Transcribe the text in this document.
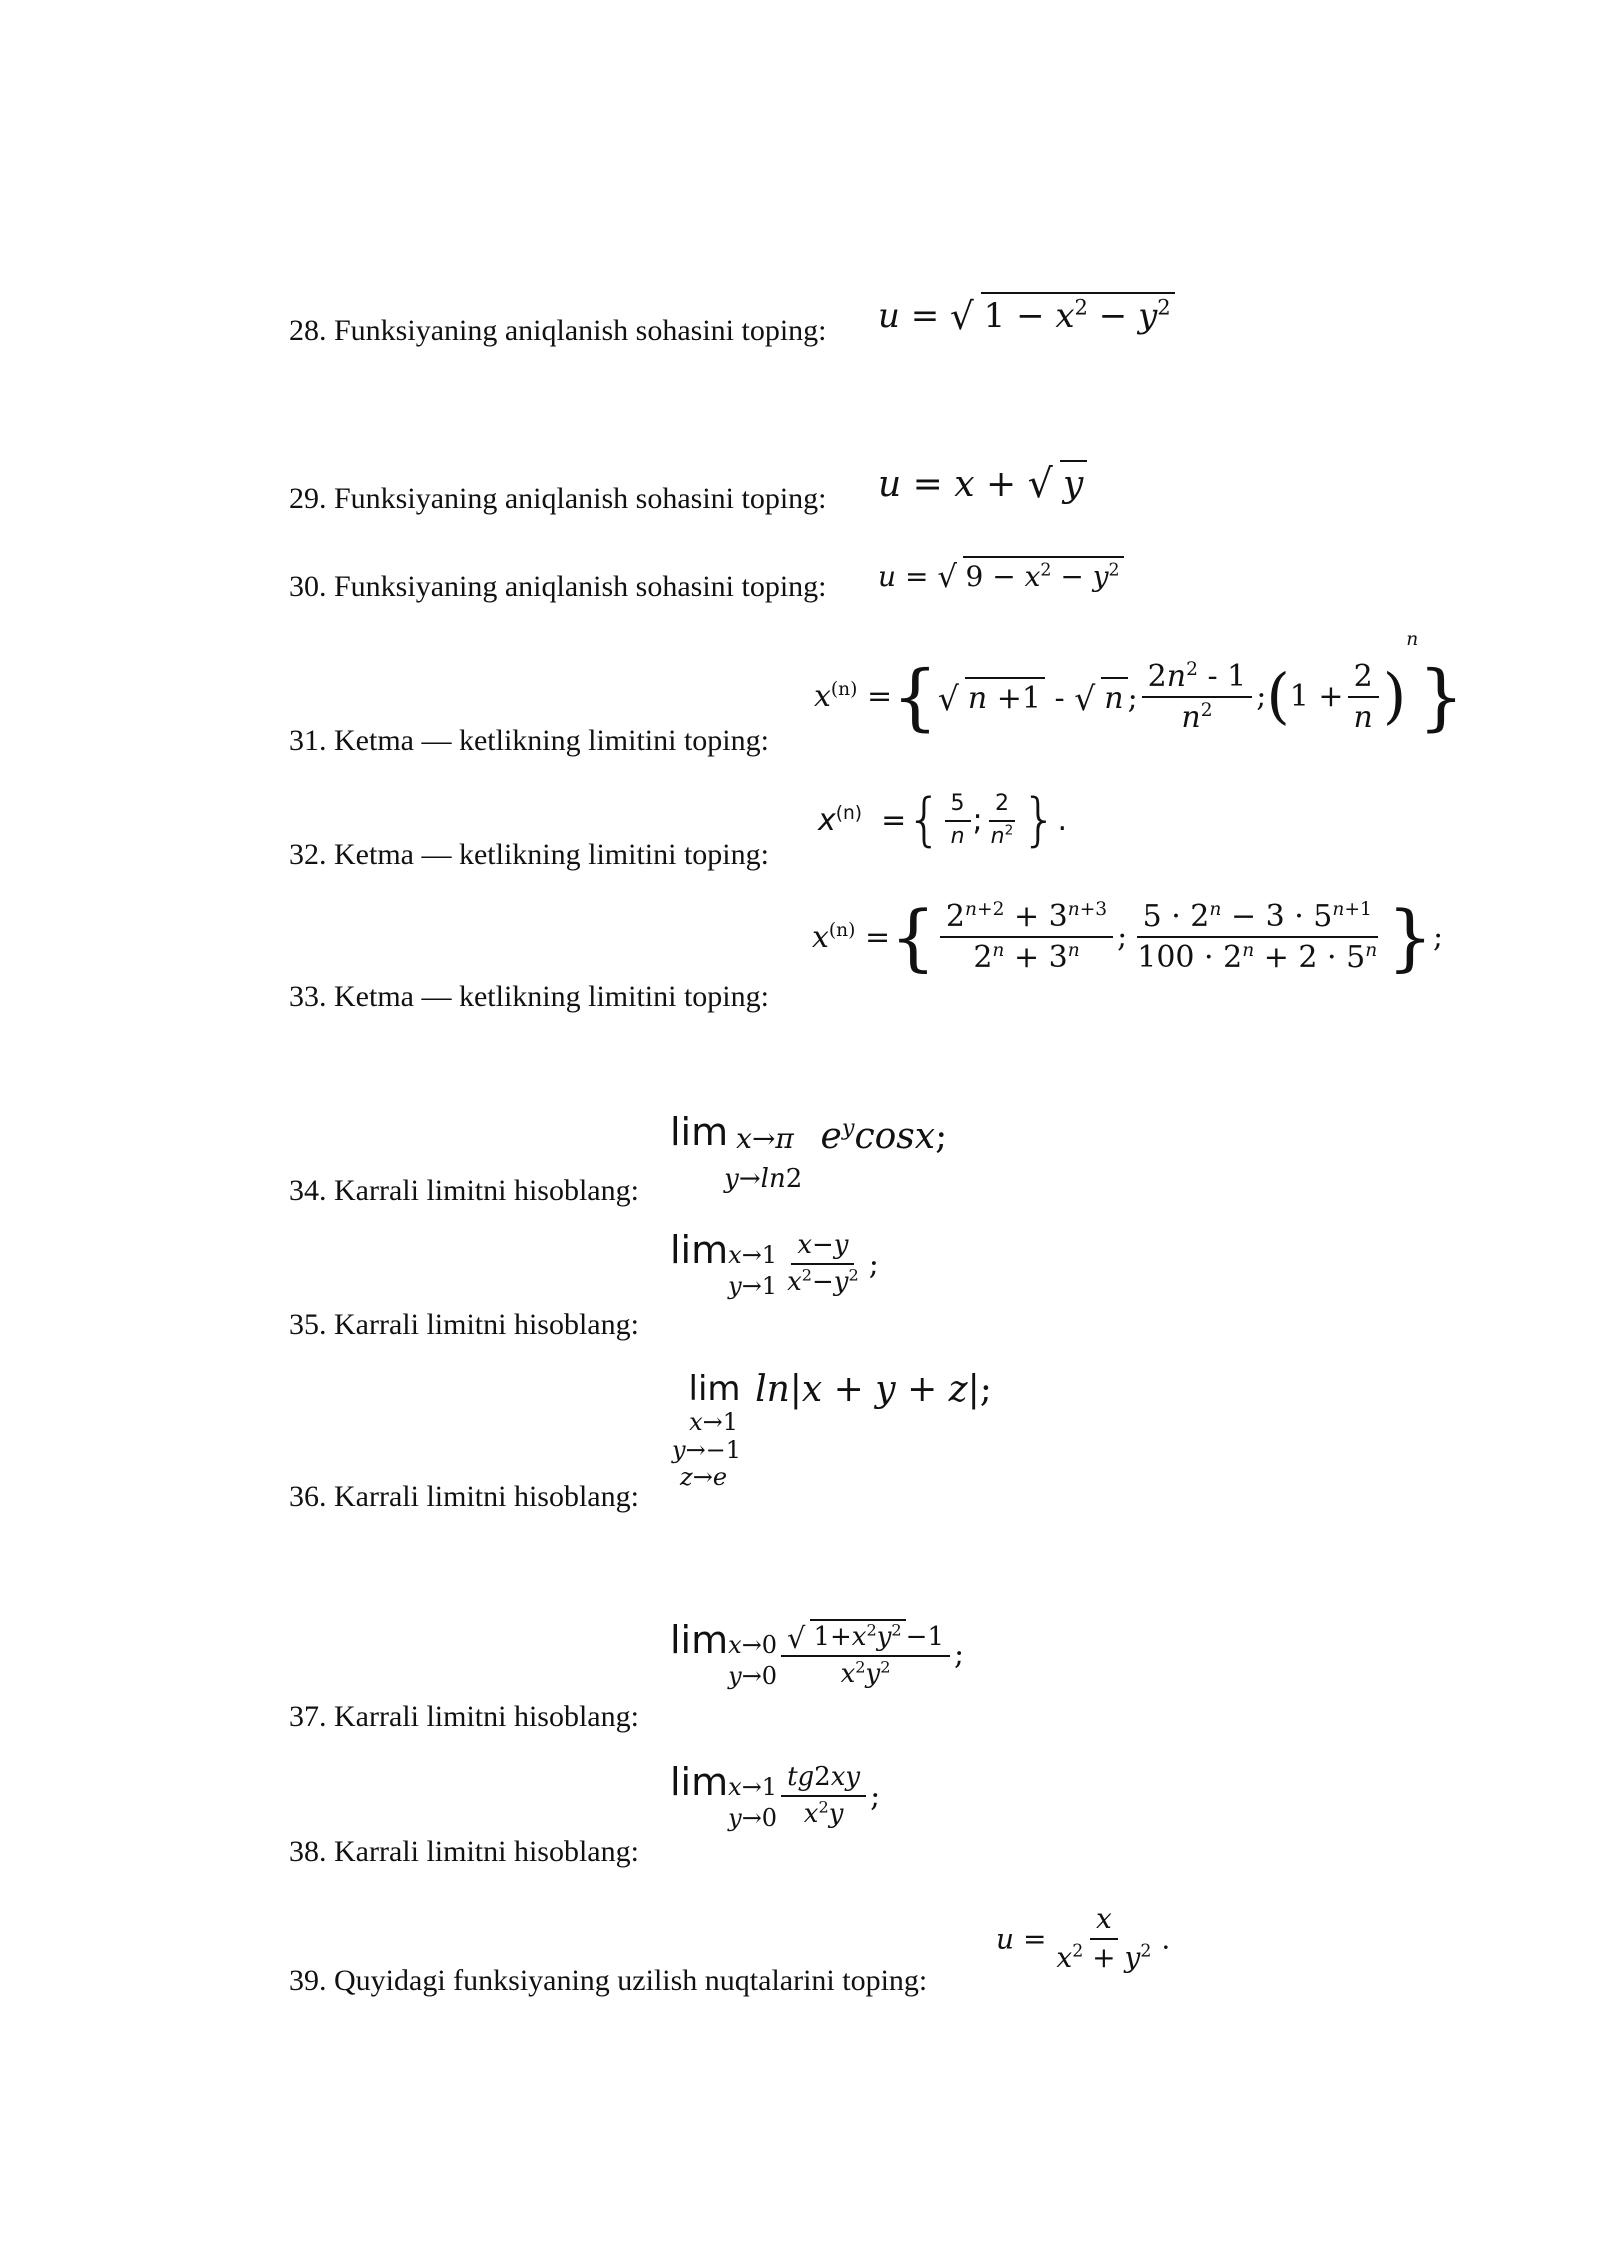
28. Funksiyaning aniqlanish sohasini toping:
29. Funksiyaning aniqlanish sohasini toping:
30. Funksiyaning aniqlanish sohasini toping:
31. Ketma — ketlikning limitini toping:
32. Ketma — ketlikning limitini toping:
33. Ketma — ketlikning limitini toping:
34. Karrali limitni hisoblang:
35. Karrali limitni hisoblang:
36. Karrali limitni hisoblang:
37. Karrali limitni hisoblang:
38. Karrali limitni hisoblang:
39. Quyidagi funksiyaning uzilish nuqtalarini toping:
u = √ $1 - x^2 - y^2$
u = x + √ y
u = √ $9 - x^2 - y^2$
$x^{(n)}$ ={ √ n +1 - √ n ; $\frac{2n^2 - 1}{n^2}$ ;(1 + $\frac{2}{n} )^n$}
$x^{(n)}$ ={ $\frac{5}{n}$ ; $\frac{2}{n^2}$ }.
$x^{(n)}$ ={ $\frac{2^{n+2} + 3^{n+3}}{2^n + 3^n}$ ; $\frac{5 \cdot 2^n - 3 \cdot 5^{n+1}}{100 \cdot 2^n + 2 \cdot 5^n}$ };
lim x→π   $e^y\cos x$;
y→ln2
limx→1
$y\to 1 \frac{x-y}{x^2-y^2}$ ;
lim
x→1
y→−1
z→e
ln|x + y + z|;
limx→0
$y\to 0 \frac{√ 1+x^2y^2 -1}{x^2y^2}$ ;
limx→1
$y\to 0 \frac{tg2xy}{x^2y}$ ;
$u = \frac{x}{x^2 + y^2}$ .
